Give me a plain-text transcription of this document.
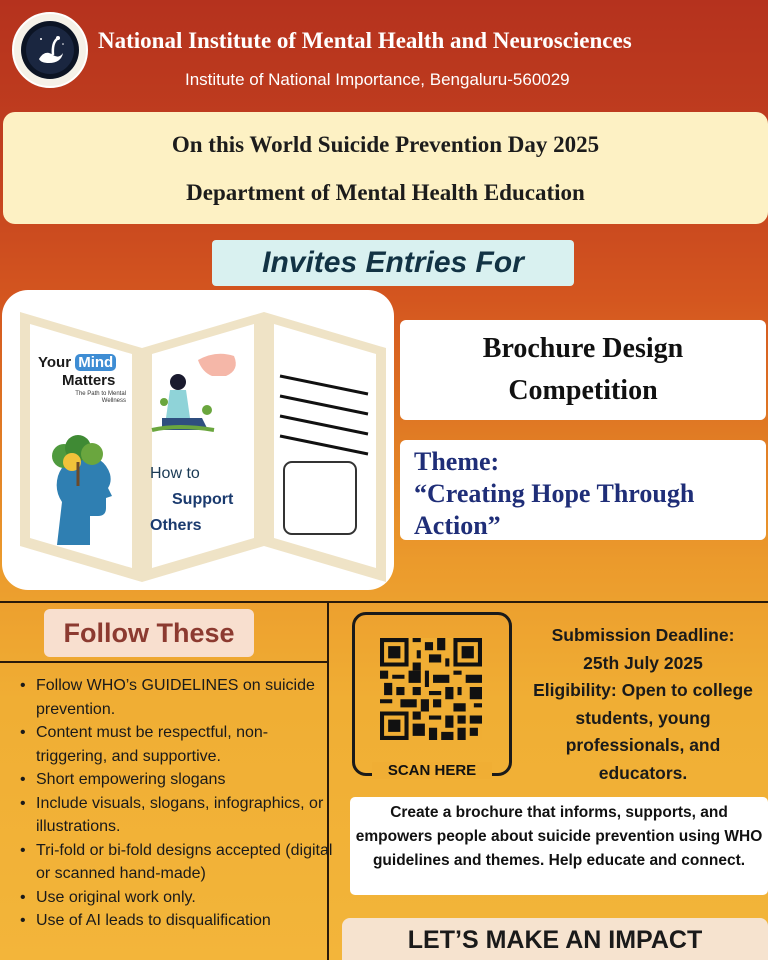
National Institute of Mental Health and Neurosciences
Institute of National Importance, Bengaluru-560029
On this World Suicide Prevention Day 2025
Department of Mental Health Education
Invites Entries For
Your Mind
Matters
The Path to Mental Wellness
How to
Support
Others
Brochure Design
Competition
Theme:
“Creating Hope Through
Action”
Follow These
• Follow WHO’s GUIDELINES on suicide prevention.
• Content must be respectful, non-triggering, and supportive.
• Short empowering slogans
• Include visuals, slogans, infographics, or illustrations.
• Tri-fold or bi-fold designs accepted (digital or scanned hand-made)
• Use original work only.
• Use of AI leads to disqualification
SCAN HERE
Submission Deadline:
25th July 2025
Eligibility: Open to college
students, young
professionals, and
educators.
Create a brochure that informs, supports, and empowers people about suicide prevention using WHO guidelines and themes. Help educate and connect.
LET’S MAKE AN IMPACT
